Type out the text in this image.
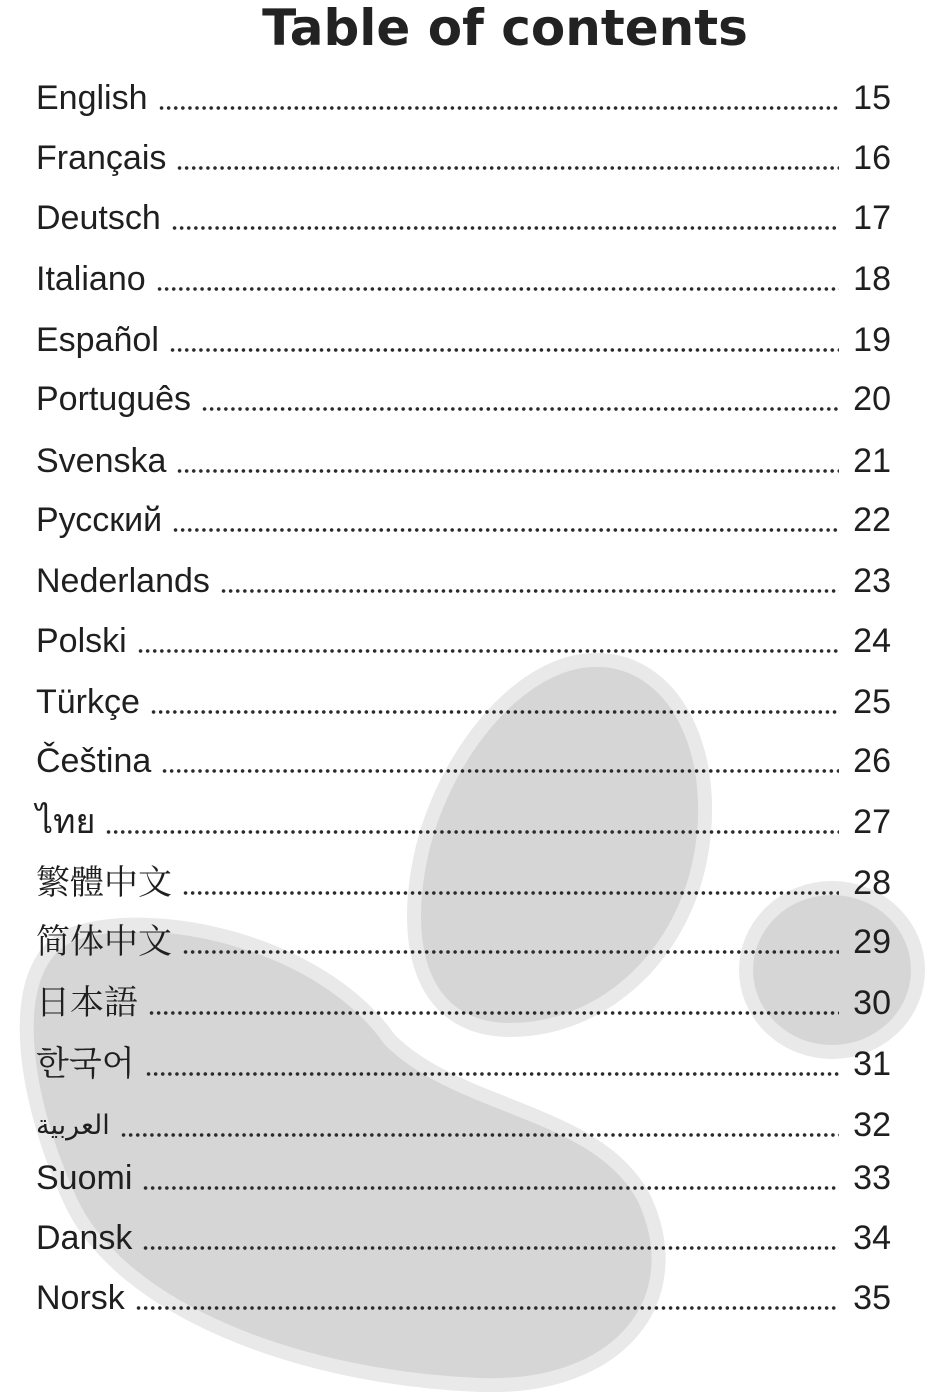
Table of contents
English	15
Français	16
Deutsch	17
Italiano	18
Español	19
Português	20
Svenska	21
Русский	22
Nederlands	23
Polski	24
Türkçe	25
Čeština	26
ไทย	27
繁體中文	28
简体中文	29
日本語	30
한국어	31
العربية	32
Suomi	33
Dansk	34
Norsk	35
